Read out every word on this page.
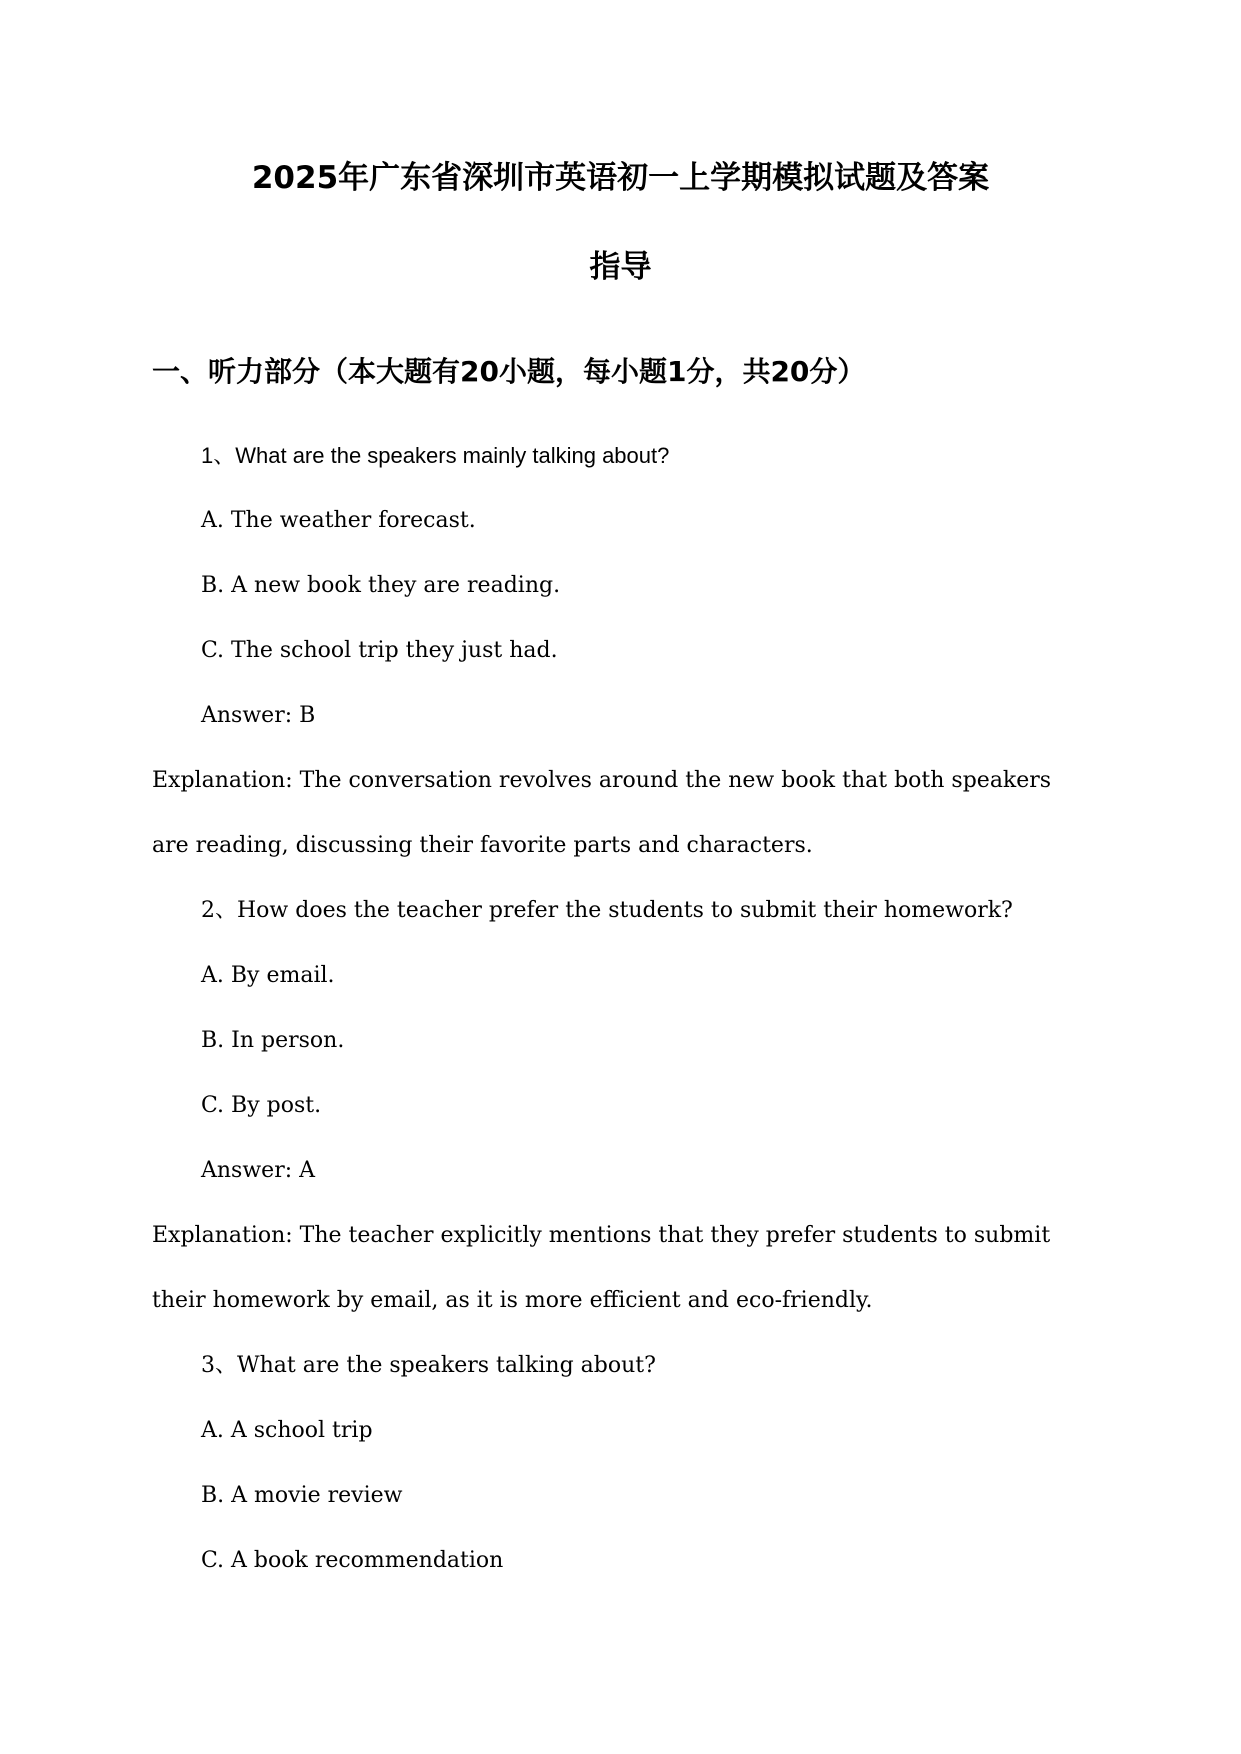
2025年广东省深圳市英语初一上学期模拟试题及答案
指导
一、听力部分（本大题有20小题，每小题1分，共20分）
1、What are the speakers mainly talking about?
A. The weather forecast.
B. A new book they are reading.
C. The school trip they just had.
Answer: B
Explanation: The conversation revolves around the new book that both speakers
are reading, discussing their favorite parts and characters.
2、How does the teacher prefer the students to submit their homework?
A. By email.
B. In person.
C. By post.
Answer: A
Explanation: The teacher explicitly mentions that they prefer students to submit
their homework by email, as it is more efficient and eco-friendly.
3、What are the speakers talking about?
A. A school trip
B. A movie review
C. A book recommendation
